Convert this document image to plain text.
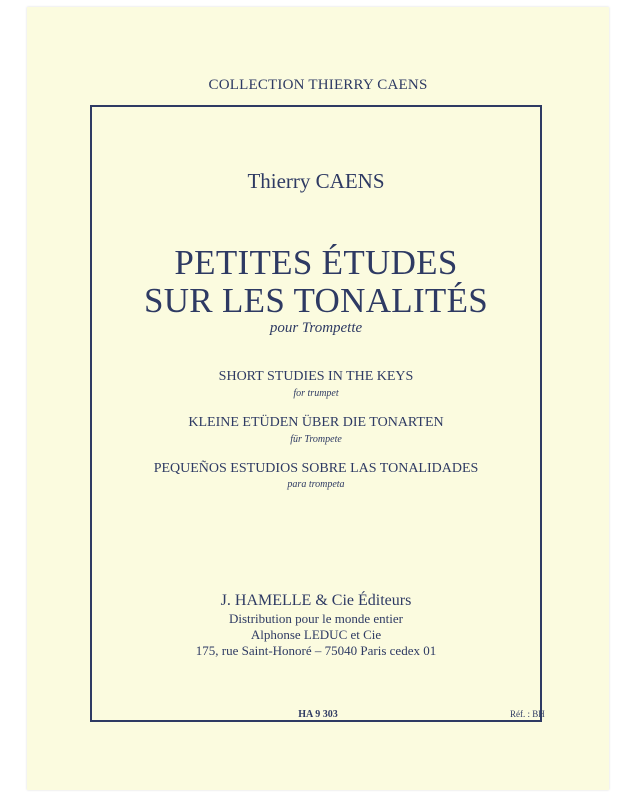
COLLECTION THIERRY CAENS
Thierry CAENS
PETITES ÉTUDES
SUR LES TONALITÉS
pour Trompette
SHORT STUDIES IN THE KEYS
for trumpet
KLEINE ETÜDEN ÜBER DIE TONARTEN
für Trompete
PEQUEÑOS ESTUDIOS SOBRE LAS TONALIDADES
para trompeta
J. HAMELLE & Cie Éditeurs
Distribution pour le monde entier
Alphonse LEDUC et Cie
175, rue Saint-Honoré – 75040 Paris cedex 01
HA 9 303	Réf. : BH
